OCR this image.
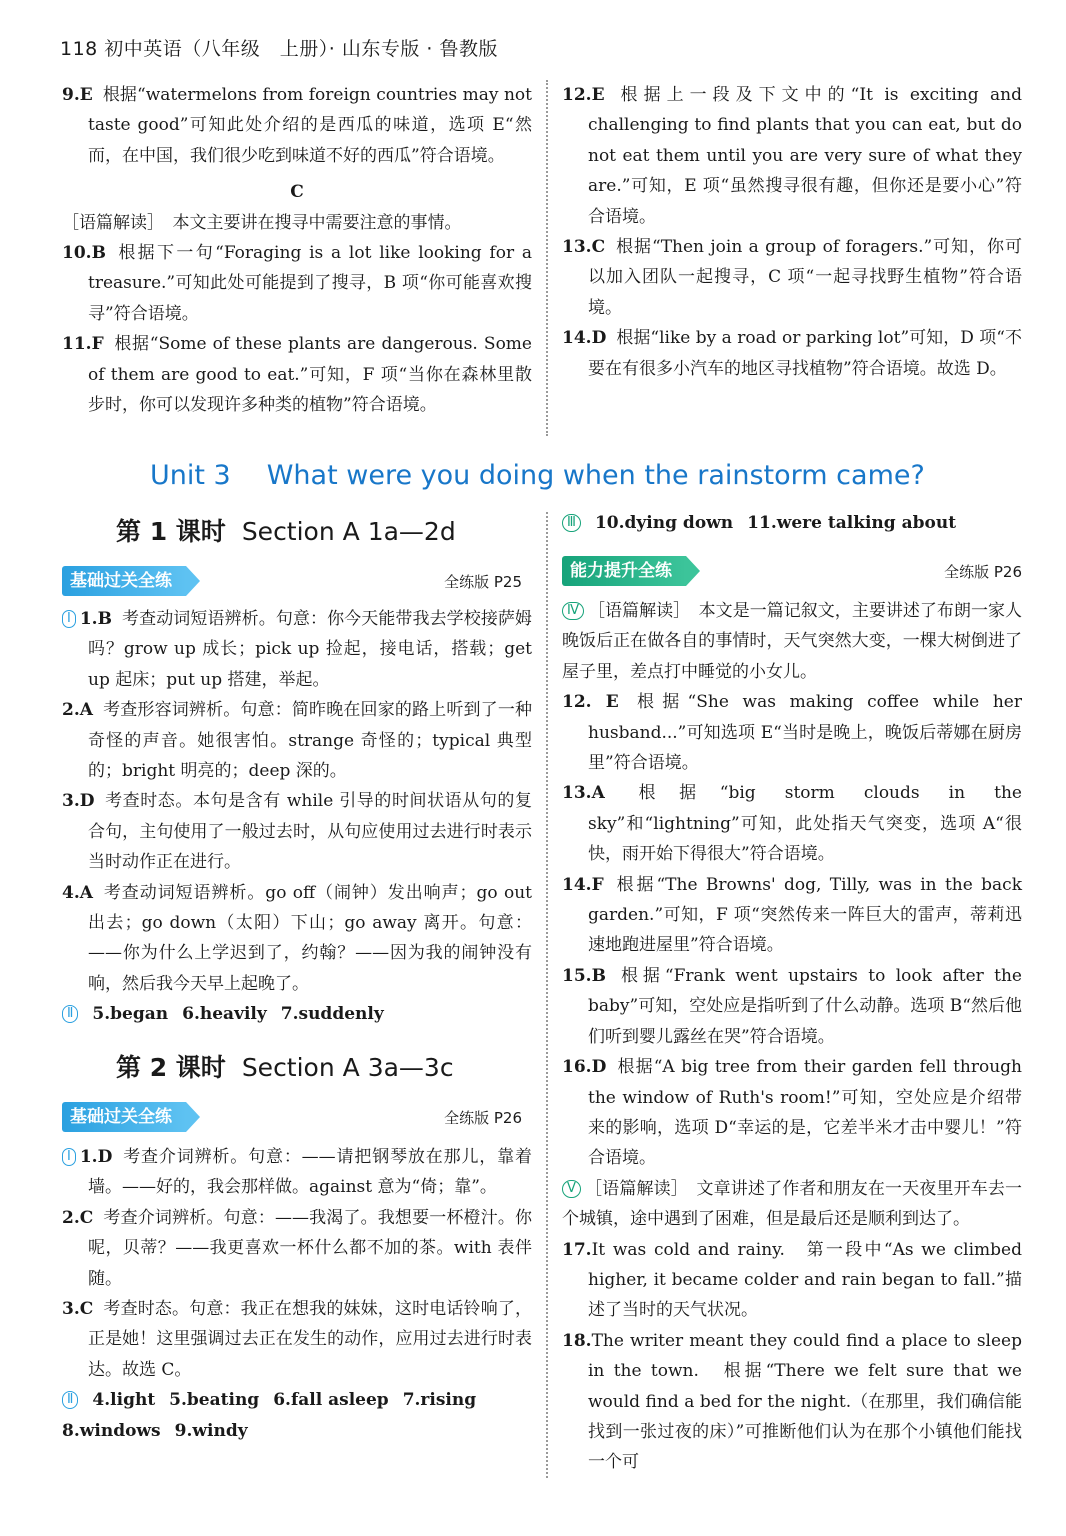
118 初中英语（八年级　上册）· 山东专版 · 鲁教版

9.E 根据“watermelons from foreign countries may not taste good”可知此处介绍的是西瓜的味道，选项 E“然而，在中国，我们很少吃到味道不好的西瓜”符合语境。

C

［语篇解读］　本文主要讲在搜寻中需要注意的事情。

10.B 根据下一句“Foraging is a lot like looking for a treasure.”可知此处可能提到了搜寻，B 项“你可能喜欢搜寻”符合语境。

11.F 根据“Some of these plants are dangerous. Some of them are good to eat.”可知，F 项“当你在森林里散步时，你可以发现许多种类的植物”符合语境。

12.E 根据上一段及下文中的“It is exciting and challenging to find plants that you can eat, but do not eat them until you are very sure of what they are.”可知，E 项“虽然搜寻很有趣，但你还是要小心”符合语境。

13.C 根据“Then join a group of foragers.”可知，你可以加入团队一起搜寻，C 项“一起寻找野生植物”符合语境。

14.D 根据“like by a road or parking lot”可知，D 项“不要在有很多小汽车的地区寻找植物”符合语境。故选 D。

Unit 3 What were you doing when the rainstorm came?
第 1 课时 Section A 1a—2d
基础过关全练	全练版 P25

Ⅰ 1.B 考查动词短语辨析。句意：你今天能带我去学校接萨姆吗？grow up 成长；pick up 捡起，接电话，搭载；get up 起床；put up 搭建，举起。

2.A 考查形容词辨析。句意：简昨晚在回家的路上听到了一种奇怪的声音。她很害怕。strange 奇怪的；typical 典型的；bright 明亮的；deep 深的。

3.D 考查时态。本句是含有 while 引导的时间状语从句的复合句，主句使用了一般过去时，从句应使用过去进行时表示当时动作正在进行。

4.A 考查动词短语辨析。go off（闹钟）发出响声；go out 出去；go down（太阳）下山；go away 离开。句意：——你为什么上学迟到了，约翰？——因为我的闹钟没有响，然后我今天早上起晚了。

Ⅱ 5.began 6.heavily 7.suddenly

第 2 课时 Section A 3a—3c
基础过关全练	全练版 P26

Ⅰ 1.D 考查介词辨析。句意：——请把钢琴放在那儿，靠着墙。——好的，我会那样做。against 意为“倚；靠”。

2.C 考查介词辨析。句意：——我渴了。我想要一杯橙汁。你呢，贝蒂？——我更喜欢一杯什么都不加的茶。with 表伴随。

3.C 考查时态。句意：我正在想我的妹妹，这时电话铃响了，正是她！这里强调过去正在发生的动作，应用过去进行时表达。故选 C。

Ⅱ 4.light 5.beating 6.fall asleep 7.rising

8.windows 9.windy

Ⅲ 10.dying down 11.were talking about

能力提升全练	全练版 P26

Ⅳ ［语篇解读］　本文是一篇记叙文，主要讲述了布朗一家人晚饭后正在做各自的事情时，天气突然大变，一棵大树倒进了屋子里，差点打中睡觉的小女儿。

12. E 根据“She was making coffee while her husband...”可知选项 E“当时是晚上，晚饭后蒂娜在厨房里”符合语境。

13.A 根据“big storm clouds in the sky”和“lightning”可知，此处指天气突变，选项 A“很快，雨开始下得很大”符合语境。

14.F 根据“The Browns' dog, Tilly, was in the back garden.”可知，F 项“突然传来一阵巨大的雷声，蒂莉迅速地跑进屋里”符合语境。

15.B 根据“Frank went upstairs to look after the baby”可知，空处应是指听到了什么动静。选项 B“然后他们听到婴儿露丝在哭”符合语境。

16.D 根据“A big tree from their garden fell through the window of Ruth's room!”可知，空处应是介绍带来的影响，选项 D“幸运的是，它差半米才击中婴儿！”符合语境。

Ⅴ ［语篇解读］　文章讲述了作者和朋友在一天夜里开车去一个城镇，途中遇到了困难，但是最后还是顺利到达了。

17.It was cold and rainy.　第一段中“As we climbed higher, it became colder and rain began to fall.”描述了当时的天气状况。

18.The writer meant they could find a place to sleep in the town.　根据“There we felt sure that we would find a bed for the night.（在那里，我们确信能找到一张过夜的床）”可推断他们认为在那个小镇他们能找一个可
